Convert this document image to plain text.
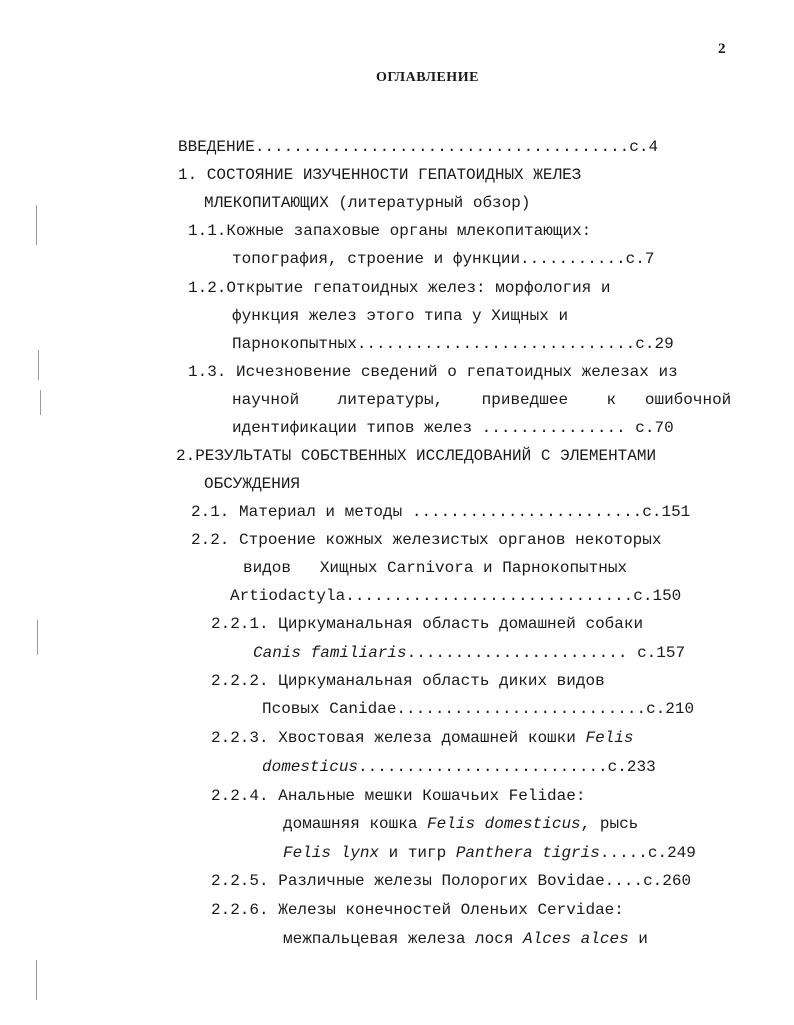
2
ОГЛАВЛЕНИЕ
ВВЕДЕНИЕ.......................................с.4
1. СОСТОЯНИЕ ИЗУЧЕННОСТИ ГЕПАТОИДНЫХ ЖЕЛЕЗ
МЛЕКОПИТАЮЩИХ (литературный обзор)
1.1.Кожные запаховые органы млекопитающих:
топография, строение и функции...........с.7
1.2.Открытие гепатоидных желез: морфология и
функция желез этого типа у Хищных и
Парнокопытных.............................с.29
1.3. Исчезновение сведений о гепатоидных железах из
научной    литературы,    приведшее    к   ошибочной
идентификации типов желез ............... с.70
2.РЕЗУЛЬТАТЫ СОБСТВЕННЫХ ИССЛЕДОВАНИЙ С ЭЛЕМЕНТАМИ
ОБСУЖДЕНИЯ
2.1. Материал и методы ........................с.151
2.2. Строение кожных железистых органов некоторых
видов   Хищных Carnivora и Парнокопытных
Artiodactyla..............................с.150
2.2.1. Циркуманальная область домашней собаки
Canis familiaris....................... с.157
2.2.2. Циркуманальная область диких видов
Псовых Canidae..........................с.210
2.2.3. Хвостовая железа домашней кошки Felis
domesticus..........................с.233
2.2.4. Анальные мешки Кошачьих Felidae:
домашняя кошка Felis domesticus, рысь
Felis lynx и тигр Panthera tigris.....с.249
2.2.5. Различные железы Полорогих Bovidae....с.260
2.2.6. Железы конечностей Оленьих Cervidae:
межпальцевая железа лося Alces alces и
